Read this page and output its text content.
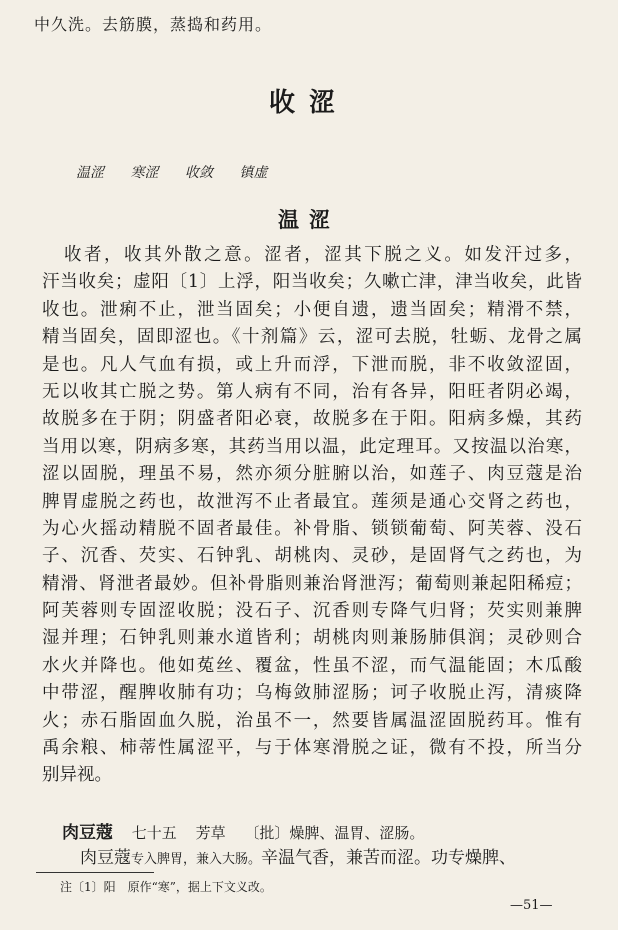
中久洗。去筋膜，蒸捣和药用。
收涩
温涩 寒涩 收敛 镇虚
温涩
收者，收其外散之意。涩者，涩其下脱之义。如发汗过多，
汗当收矣；虚阳〔1〕上浮，阳当收矣；久嗽亡津，津当收矣，此皆
收也。泄痢不止，泄当固矣；小便自遗，遗当固矣；精滑不禁，
精当固矣，固即涩也。《十剂篇》云，涩可去脱，牡蛎、龙骨之属
是也。凡人气血有损，或上升而浮，下泄而脱，非不收敛涩固，
无以收其亡脱之势。第人病有不同，治有各异，阳旺者阴必竭，
故脱多在于阴；阴盛者阳必衰，故脱多在于阳。阳病多燥，其药
当用以寒，阴病多寒，其药当用以温，此定理耳。又按温以治寒，
涩以固脱，理虽不易，然亦须分脏腑以治，如莲子、肉豆蔻是治
脾胃虚脱之药也，故泄泻不止者最宜。莲须是通心交肾之药也，
为心火摇动精脱不固者最佳。补骨脂、锁锁葡萄、阿芙蓉、没石
子、沉香、芡实、石钟乳、胡桃肉、灵砂，是固肾气之药也，为
精滑、肾泄者最妙。但补骨脂则兼治肾泄泻；葡萄则兼起阳稀痘；
阿芙蓉则专固涩收脱；没石子、沉香则专降气归肾；芡实则兼脾
湿并理；石钟乳则兼水道皆利；胡桃肉则兼肠肺俱润；灵砂则合
水火并降也。他如菟丝、覆盆，性虽不涩，而气温能固；木瓜酸
中带涩，醒脾收肺有功；乌梅敛肺涩肠；诃子收脱止泻，清痰降
火；赤石脂固血久脱，治虽不一，然要皆属温涩固脱药耳。惟有
禹余粮、柿蒂性属涩平，与于体寒滑脱之证，微有不投，所当分
别异视。
肉豆蔻 七十五 芳草 〔批〕燥脾、温胃、涩肠。
肉豆蔻专入脾胃，兼入大肠。辛温气香，兼苦而涩。功专燥脾、
注〔1〕阳　原作“寒”，据上下文义改。
—51—
